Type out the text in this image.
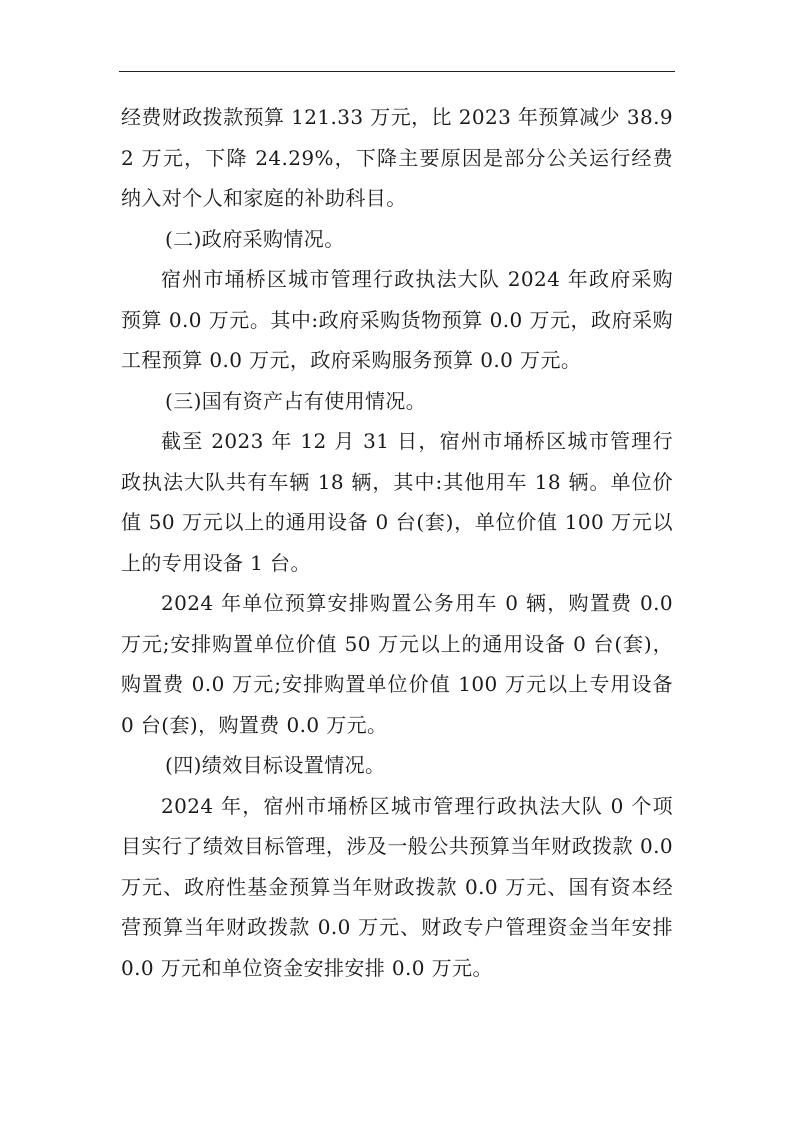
经费财政拨款预算 121.33 万元，比 2023 年预算减少 38.92 万元，下降 24.29%，下降主要原因是部分公关运行经费纳入对个人和家庭的补助科目。

(二)政府采购情况。

宿州市埇桥区城市管理行政执法大队 2024 年政府采购预算 0.0 万元。其中:政府采购货物预算 0.0 万元，政府采购工程预算 0.0 万元，政府采购服务预算 0.0 万元。

(三)国有资产占有使用情况。

截至 2023 年 12 月 31 日，宿州市埇桥区城市管理行政执法大队共有车辆 18 辆，其中:其他用车 18 辆。单位价值 50 万元以上的通用设备 0 台(套)，单位价值 100 万元以上的专用设备 1 台。

2024 年单位预算安排购置公务用车 0 辆，购置费 0.0 万元;安排购置单位价值 50 万元以上的通用设备 0 台(套)，购置费 0.0 万元;安排购置单位价值 100 万元以上专用设备 0 台(套)，购置费 0.0 万元。

(四)绩效目标设置情况。

2024 年，宿州市埇桥区城市管理行政执法大队 0 个项目实行了绩效目标管理，涉及一般公共预算当年财政拨款 0.0 万元、政府性基金预算当年财政拨款 0.0 万元、国有资本经营预算当年财政拨款 0.0 万元、财政专户管理资金当年安排 0.0 万元和单位资金安排安排 0.0 万元。
